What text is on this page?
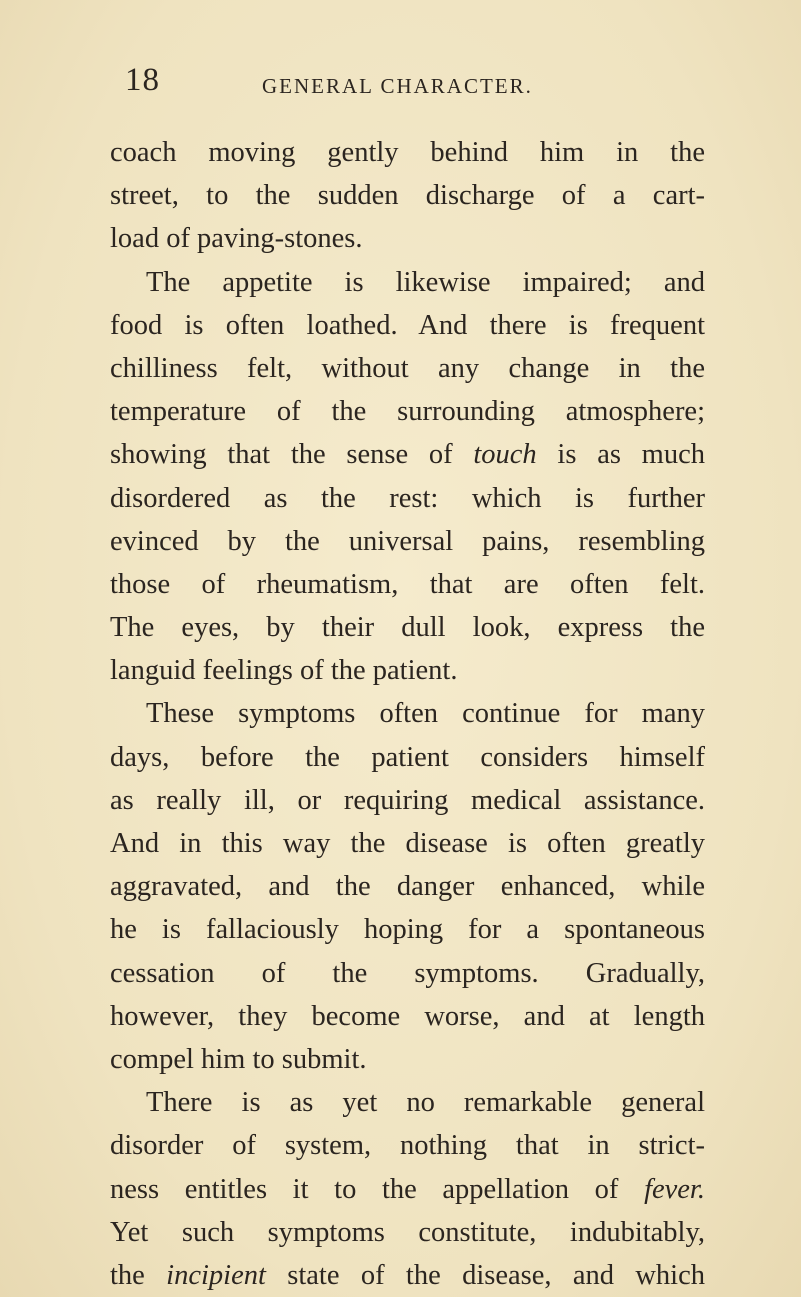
18	GENERAL CHARACTER.
coach moving gently behind him in the
street, to the sudden discharge of a cart-
load of paving-stones.
The appetite is likewise impaired; and
food is often loathed. And there is frequent
chilliness felt, without any change in the
temperature of the surrounding atmosphere;
showing that the sense of touch is as much
disordered as the rest: which is further
evinced by the universal pains, resembling
those of rheumatism, that are often felt.
The eyes, by their dull look, express the
languid feelings of the patient.
These symptoms often continue for many
days, before the patient considers himself
as really ill, or requiring medical assistance.
And in this way the disease is often greatly
aggravated, and the danger enhanced, while
he is fallaciously hoping for a spontaneous
cessation of the symptoms. Gradually,
however, they become worse, and at length
compel him to submit.
There is as yet no remarkable general
disorder of system, nothing that in strict-
ness entitles it to the appellation of fever.
Yet such symptoms constitute, indubitably,
the incipient state of the disease, and which
